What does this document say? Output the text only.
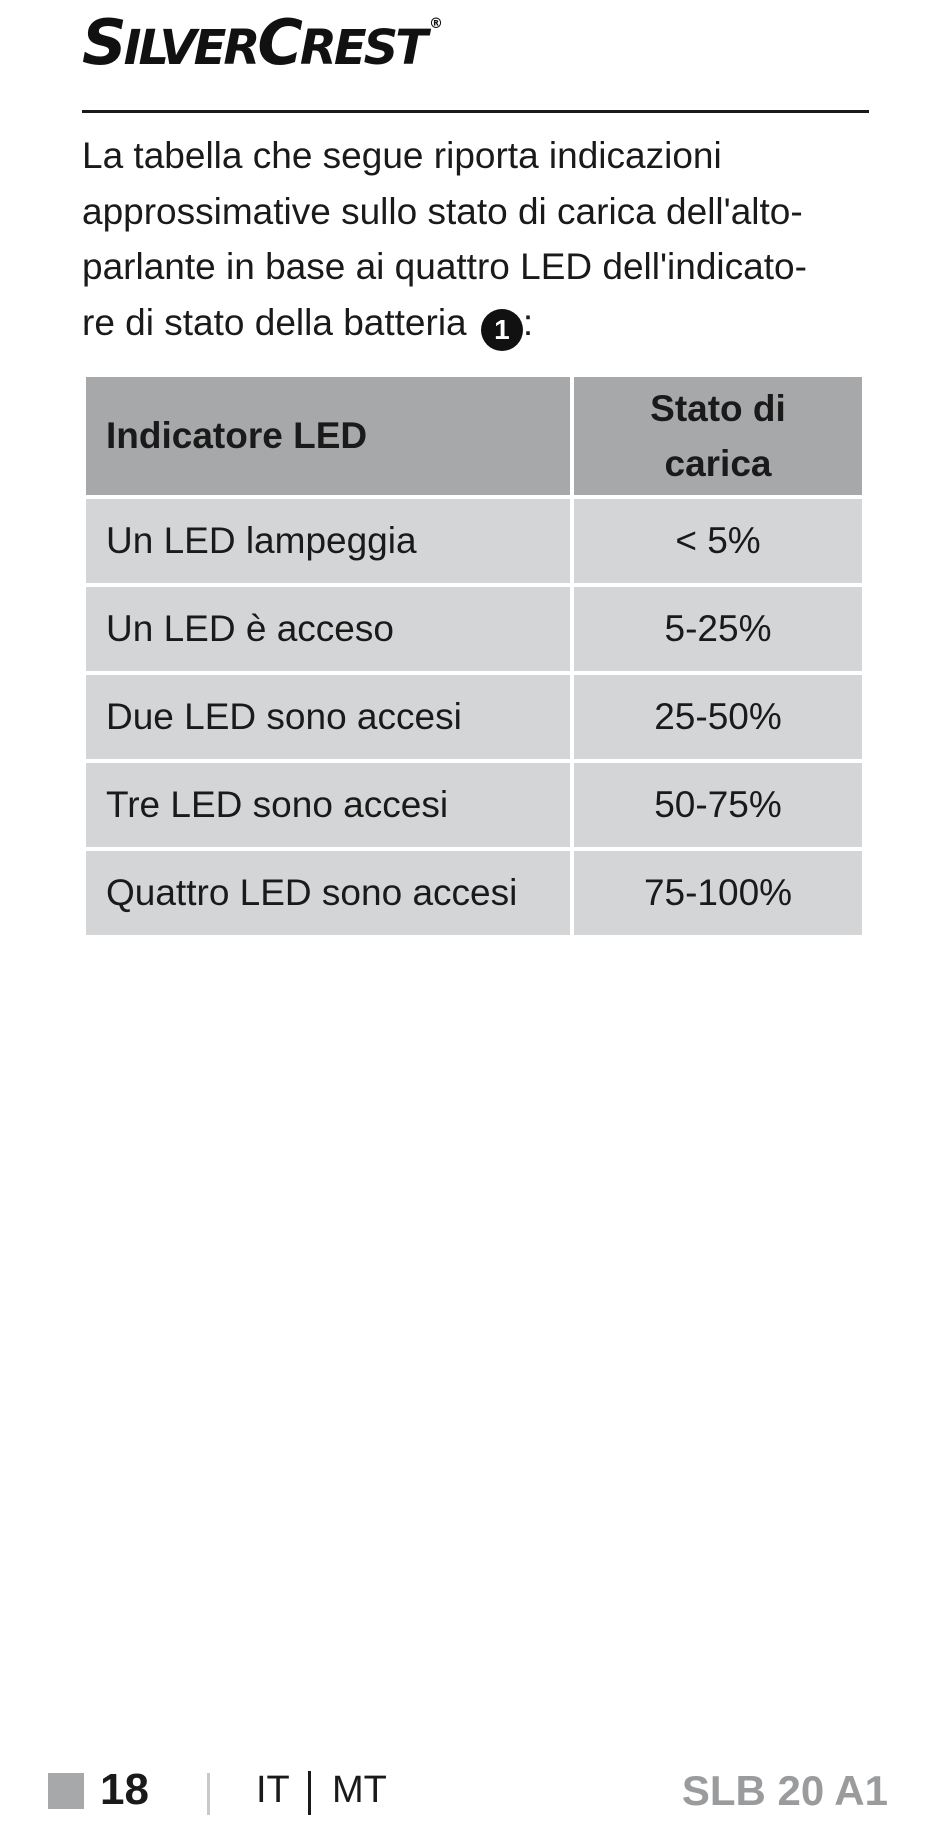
SILVERCREST ®

La tabella che segue riporta indicazioni
approssimative sullo stato di carica dell'alto-
parlante in base ai quattro LED dell'indicato-
re di stato della batteria 1 :

Indicatore LED	Stato di carica
Un LED lampeggia	< 5%
Un LED è acceso	5-25%
Due LED sono accesi	25-50%
Tre LED sono accesi	50-75%
Quattro LED sono accesi	75-100%
18	IT MT	SLB 20 A1
